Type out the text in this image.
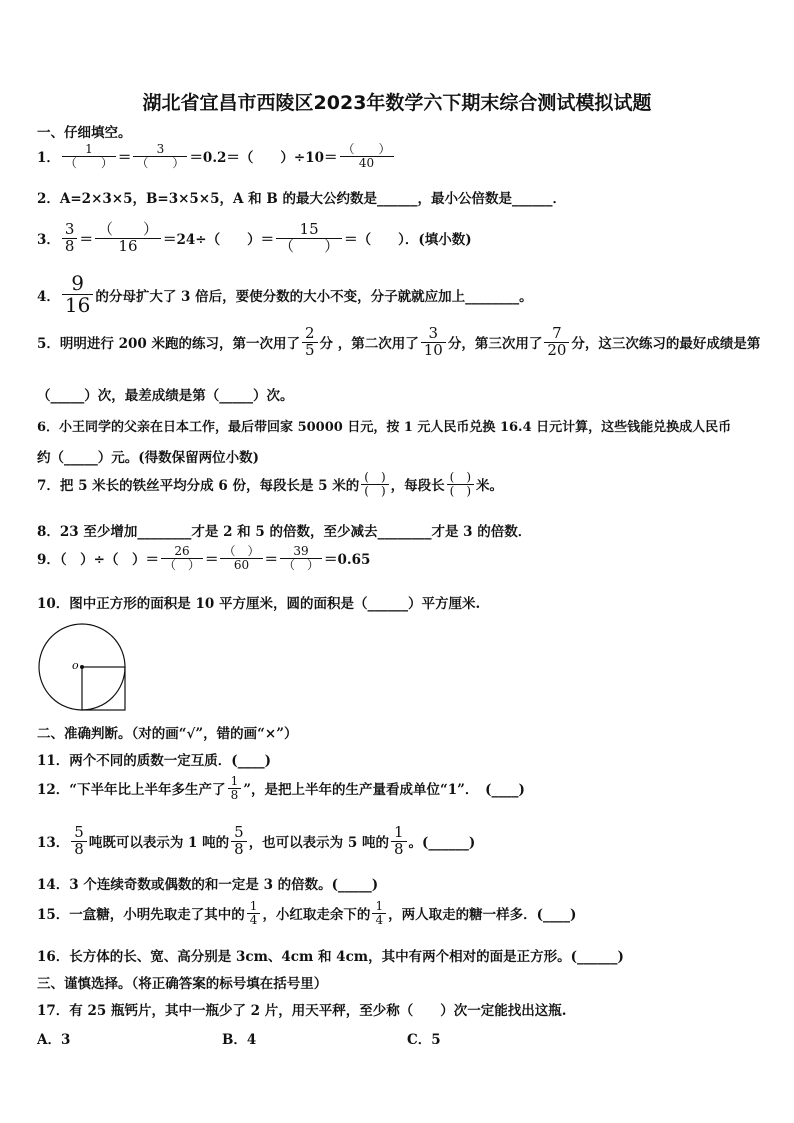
湖北省宜昌市西陵区2023年数学六下期末综合测试模拟试题
一、仔细填空。
1． $\frac{1}{( )} = \frac{3}{( )} =0.2=$（　　）$\div 10= \frac{( )}{40}$
2．A=2×3×5，B=3×5×5，A 和 B 的最大公约数是______，最小公倍数是______．
3． $\frac{3}{8} = \frac{( )}{16} =24\div$（　　）＝ $\frac{15}{( )}$ ＝（　　）．(填小数)
4． $\frac{9}{16}$ 的分母扩大了 3 倍后，要使分数的大小不变，分子就就应加上________。
5．明明进行 200 米跑的练习，第一次用了 $\frac{2}{5}$ 分 ，第二次用了 $\frac{3}{10}$ 分，第三次用了 $\frac{7}{20}$ 分，这三次练习的最好成绩是第
（_____）次，最差成绩是第（_____）次。
6．小王同学的父亲在日本工作，最后带回家 50000 日元，按 1 元人民币兑换 16.4 日元计算，这些钱能兑换成人民币
约（_____）元。(得数保留两位小数)
7．把 5 米长的铁丝平均分成 6 份，每段长是 5 米的 $\frac{( )}{( )}$ ，每段长 $\frac{( )}{( )}$ 米。
8．23 至少增加________才是 2 和 5 的倍数，至少减去________才是 3 的倍数．
9．（　）÷（　）＝ $\frac{26}{( )} = \frac{( )}{60} = \frac{39}{( )} =0.65$
10．图中正方形的面积是 10 平方厘米，圆的面积是（______）平方厘米.
o
二、准确判断。（对的画“√”，错的画“×”）
11．两个不同的质数一定互质．(____)
12．“下半年比上半年多生产了 $\frac{1}{8}$ ”，是把上半年的生产量看成单位“1”．　(____)
13． $\frac{5}{8}$ 吨既可以表示为 1 吨的 $\frac{5}{8}$ ，也可以表示为 5 吨的 $\frac{1}{8}$ 。(______)
14．3 个连续奇数或偶数的和一定是 3 的倍数。(_____)
15．一盒糖，小明先取走了其中的 $\frac{1}{4}$ ，小红取走余下的 $\frac{1}{4}$ ，两人取走的糖一样多．(____)
16．长方体的长、宽、高分别是 3cm、4cm 和 4cm，其中有两个相对的面是正方形。(______)
三、谨慎选择。（将正确答案的标号填在括号里）
17．有 25 瓶钙片，其中一瓶少了 2 片，用天平秤，至少称（　　）次一定能找出这瓶.
A．3	B．4	C．5
